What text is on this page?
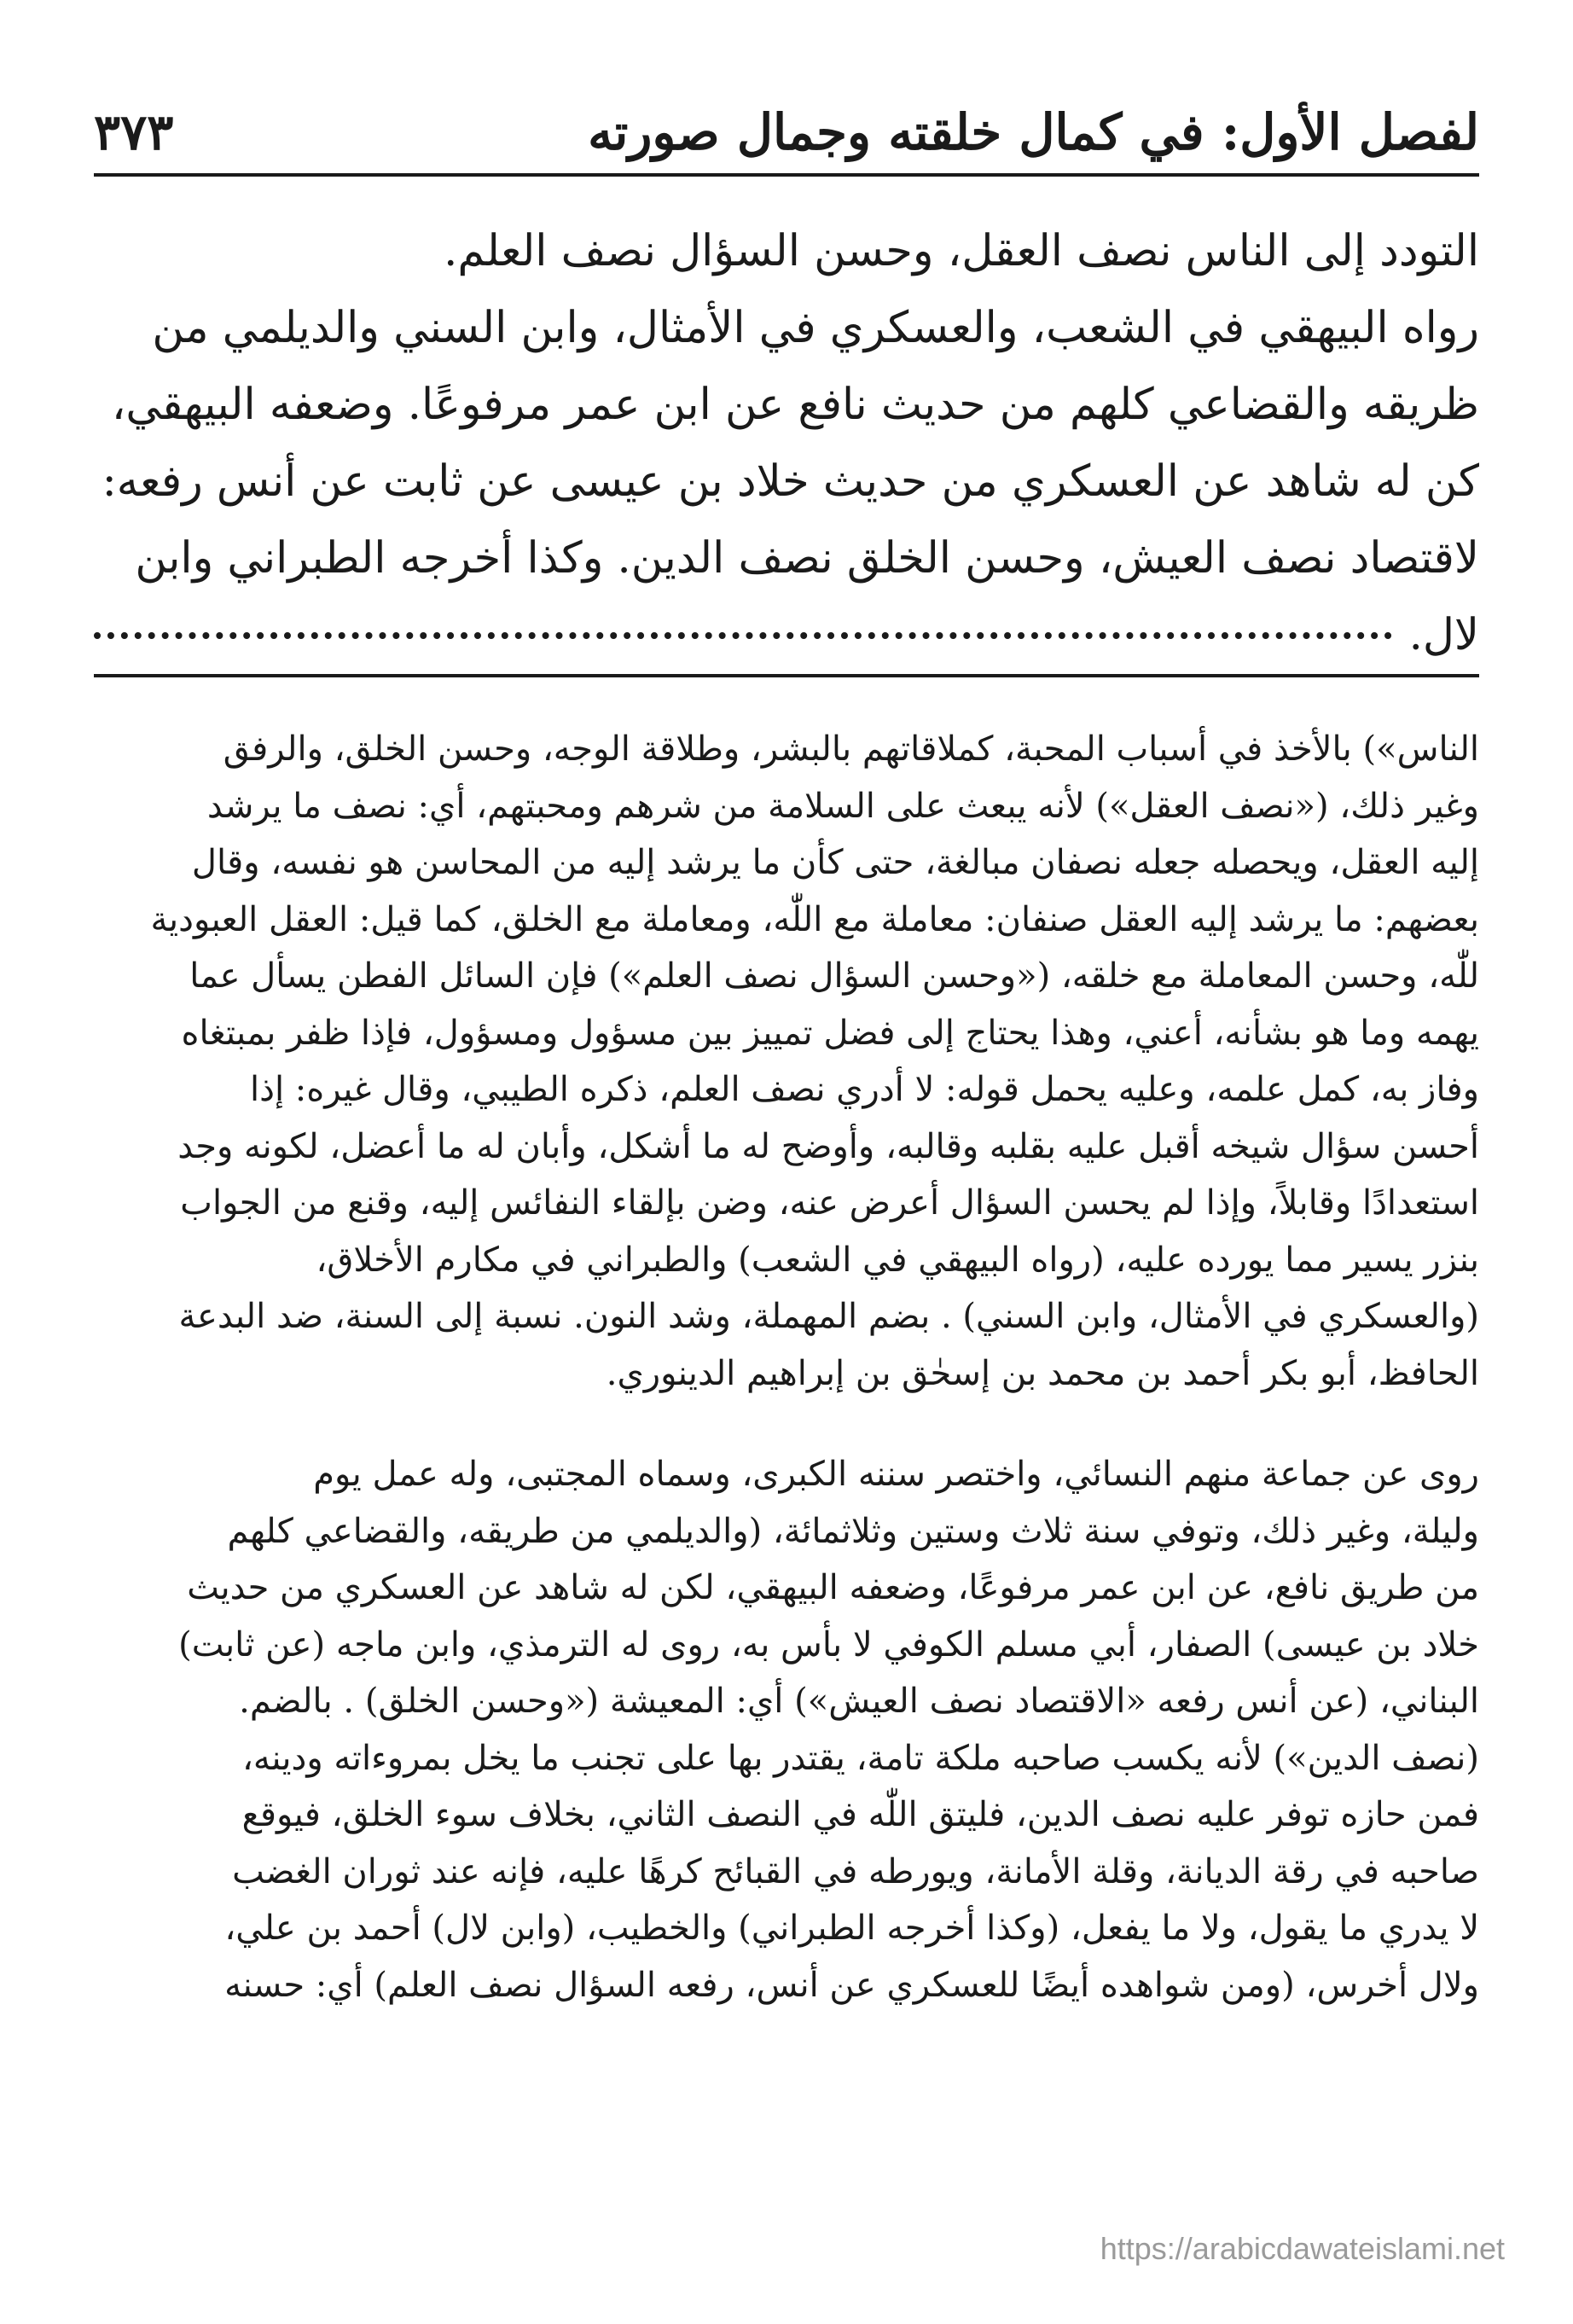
لفصل الأول: في كمال خلقته وجمال صورته
٣٧٣

ِالتودد إلى الناس نصف العقل، وحسن السؤال نصف العلم.

رواه البيهقي في الشعب، والعسكري في الأمثال، وابن السني والديلمي من

ظريقه والقضاعي كلهم من حديث نافع عن ابن عمر مرفوعًا. وضعفه البيهقي،

كن له شاهد عن العسكري من حديث خلاد بن عيسى عن ثابت عن أنس رفعه:

لاقتصاد نصف العيش، وحسن الخلق نصف الدين. وكذا أخرجه الطبراني وابن

لال.

الناس») بالأخذ في أسباب المحبة، كملاقاتهم بالبشر، وطلاقة الوجه، وحسن الخلق، والرفق
وغير ذلك، («نصف العقل») لأنه يبعث على السلامة من شرهم ومحبتهم، أي: نصف ما يرشد
إليه العقل، ويحصله جعله نصفان مبالغة، حتى كأن ما يرشد إليه من المحاسن هو نفسه، وقال
بعضهم: ما يرشد إليه العقل صنفان: معاملة مع اللّٰه، ومعاملة مع الخلق، كما قيل: العقل العبودية
للّٰه، وحسن المعاملة مع خلقه، («وحسن السؤال نصف العلم») فإن السائل الفطن يسأل عما
يهمه وما هو بشأنه، أعني، وهذا يحتاج إلى فضل تمييز بين مسؤول ومسؤول، فإذا ظفر بمبتغاه
وفاز به، كمل علمه، وعليه يحمل قوله: لا أدري نصف العلم، ذكره الطيبي، وقال غيره: إذا
أحسن سؤال شيخه أقبل عليه بقلبه وقالبه، وأوضح له ما أشكل، وأبان له ما أعضل، لكونه وجد
استعدادًا وقابلاً، وإذا لم يحسن السؤال أعرض عنه، وضن بإلقاء النفائس إليه، وقنع من الجواب
بنزر يسير مما يورده عليه، (رواه البيهقي في الشعب) والطبراني في مكارم الأخلاق،
(والعسكري في الأمثال، وابن السني) . بضم المهملة، وشد النون. نسبة إلى السنة، ضد البدعة
الحافظ، أبو بكر أحمد بن محمد بن إسحٰق بن إبراهيم الدينوري.
روى عن جماعة منهم النسائي، واختصر سننه الكبرى، وسماه المجتبى، وله عمل يوم
وليلة، وغير ذلك، وتوفي سنة ثلاث وستين وثلاثمائة، (والديلمي من طريقه، والقضاعي كلهم
من طريق نافع، عن ابن عمر مرفوعًا، وضعفه البيهقي، لكن له شاهد عن العسكري من حديث
خلاد بن عيسى) الصفار، أبي مسلم الكوفي لا بأس به، روى له الترمذي، وابن ماجه (عن ثابت)
البناني، (عن أنس رفعه «الاقتصاد نصف العيش») أي: المعيشة («وحسن الخلق) . بالضم.
(نصف الدين») لأنه يكسب صاحبه ملكة تامة، يقتدر بها على تجنب ما يخل بمروءاته ودينه،
فمن حازه توفر عليه نصف الدين، فليتق اللّٰه في النصف الثاني، بخلاف سوء الخلق، فيوقع
صاحبه في رقة الديانة، وقلة الأمانة، ويورطه في القبائح كرهًا عليه، فإنه عند ثوران الغضب
لا يدري ما يقول، ولا ما يفعل، (وكذا أخرجه الطبراني) والخطيب، (وابن لال) أحمد بن علي،
ولال أخرس، (ومن شواهده أيضًا للعسكري عن أنس، رفعه السؤال نصف العلم) أي: حسنه
https://arabicdawateislami.net
